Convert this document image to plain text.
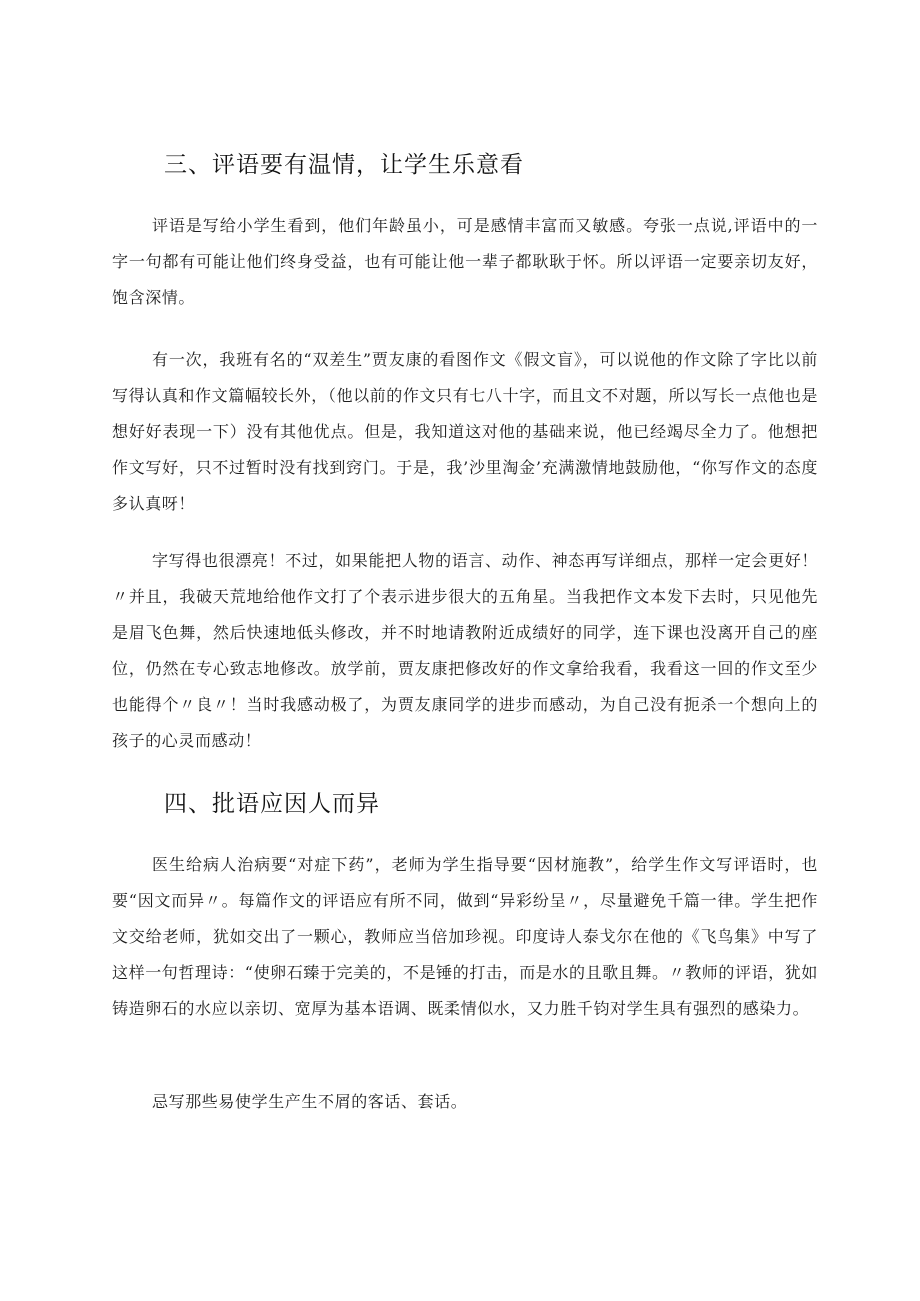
三、评语要有温情，让学生乐意看

评语是写给小学生看到，他们年龄虽小，可是感情丰富而又敏感。夸张一点说,评语中的一字一句都有可能让他们终身受益，也有可能让他一辈子都耿耿于怀。所以评语一定要亲切友好，饱含深情。

有一次，我班有名的“双差生”贾友康的看图作文《假文盲》，可以说他的作文除了字比以前写得认真和作文篇幅较长外，（他以前的作文只有七八十字，而且文不对题，所以写长一点他也是想好好表现一下）没有其他优点。但是，我知道这对他的基础来说，他已经竭尽全力了。他想把作文写好，只不过暂时没有找到窍门。于是，我’沙里淘金’充满激情地鼓励他，“你写作文的态度多认真呀！

字写得也很漂亮！不过，如果能把人物的语言、动作、神态再写详细点，那样一定会更好！〃并且，我破天荒地给他作文打了个表示进步很大的五角星。当我把作文本发下去时，只见他先是眉飞色舞，然后快速地低头修改，并不时地请教附近成绩好的同学，连下课也没离开自己的座位，仍然在专心致志地修改。放学前，贾友康把修改好的作文拿给我看，我看这一回的作文至少也能得个〃良〃！当时我感动极了，为贾友康同学的进步而感动，为自己没有扼杀一个想向上的孩子的心灵而感动！

四、批语应因人而异

医生给病人治病要“对症下药”，老师为学生指导要“因材施教”，给学生作文写评语时，也要“因文而异〃。每篇作文的评语应有所不同，做到“异彩纷呈〃，尽量避免千篇一律。学生把作文交给老师，犹如交出了一颗心，教师应当倍加珍视。印度诗人泰戈尔在他的《飞鸟集》中写了这样一句哲理诗：“使卵石臻于完美的，不是锤的打击，而是水的且歌且舞。〃教师的评语，犹如铸造卵石的水应以亲切、宽厚为基本语调、既柔情似水，又力胜千钧对学生具有强烈的感染力。

忌写那些易使学生产生不屑的客话、套话。
